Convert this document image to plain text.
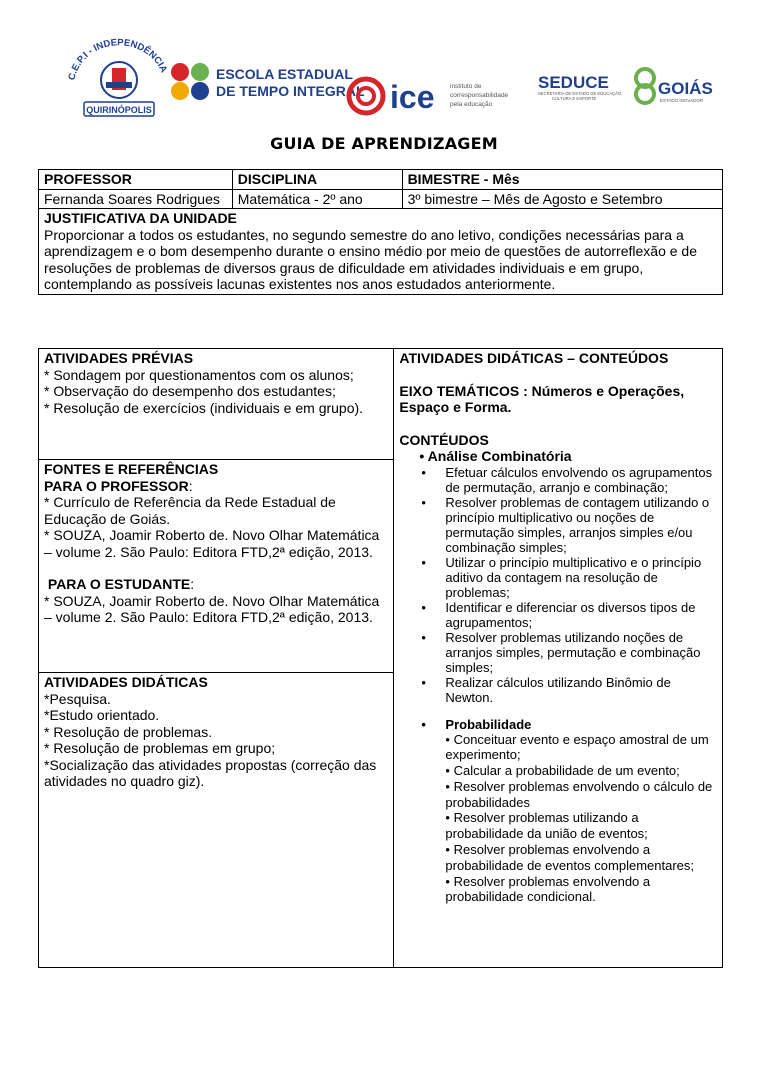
C.E.P.I - INDEPENDÊNCIA
QUIRINÓPOLIS
ESCOLA ESTADUAL
DE TEMPO INTEGRAL ice instituto de
corresponsabilidade
pela educação
SEDUCE
SECRETARIA DE ESTADO DE EDUCAÇÃO,
CULTURA E ESPORTE
GOIÁS
ESTADO INOVADOR
GUIA DE APRENDIZAGEM
PROFESSOR	DISCIPLINA	BIMESTRE - Mês
Fernanda Soares Rodrigues	Matemática - 2º ano	3º bimestre – Mês de Agosto e Setembro

JUSTIFICATIVA DA UNIDADE
Proporcionar a todos os estudantes, no segundo semestre do ano letivo, condições necessárias para a aprendizagem e o bom desempenho durante o ensino médio por meio de questões de autorreflexão e de resoluções de problemas de diversos graus de dificuldade em atividades individuais e em grupo, contemplando as possíveis lacunas existentes nos anos estudados anteriormente.		
ATIVIDADES PRÉVIAS
* Sondagem por questionamentos com os alunos;
* Observação do desempenho dos estudantes;
* Resolução de exercícios (individuais e em grupo).

ATIVIDADES DIDÁTICAS – CONTEÚDOS
EIXO TEMÁTICOS : Números e Operações, Espaço e Forma.
CONTÉUDOS
• Análise Combinatória
• Efetuar cálculos envolvendo os agrupamentos de permutação, arranjo e combinação;
• Resolver problemas de contagem utilizando o princípio multiplicativo ou noções de permutação simples, arranjos simples e/ou combinação simples;
• Utilizar o princípio multiplicativo e o princípio aditivo da contagem na resolução de problemas;
• Identificar e diferenciar os diversos tipos de agrupamentos;
• Resolver problemas utilizando noções de arranjos simples, permutação e combinação simples;
• Realizar cálculos utilizando Binômio de Newton.
• Probabilidade
• Conceituar evento e espaço amostral de um experimento;
• Calcular a probabilidade de um evento;
• Resolver problemas envolvendo o cálculo de probabilidades
• Resolver problemas utilizando a probabilidade da união de eventos;
• Resolver problemas envolvendo a probabilidade de eventos complementares;
• Resolver problemas envolvendo a probabilidade condicional.

FONTES E REFERÊNCIAS
PARA O PROFESSOR:
* Currículo de Referência da Rede Estadual de Educação de Goiás.
* SOUZA, Joamir Roberto de. Novo Olhar Matemática – volume 2. São Paulo: Editora FTD,2ª edição, 2013.
PARA O ESTUDANTE:
* SOUZA, Joamir Roberto de. Novo Olhar Matemática – volume 2. São Paulo: Editora FTD,2ª edição, 2013.

ATIVIDADES DIDÁTICAS
*Pesquisa.
*Estudo orientado.
* Resolução de problemas.
* Resolução de problemas em grupo;
*Socialização das atividades propostas (correção das atividades no quadro giz).
